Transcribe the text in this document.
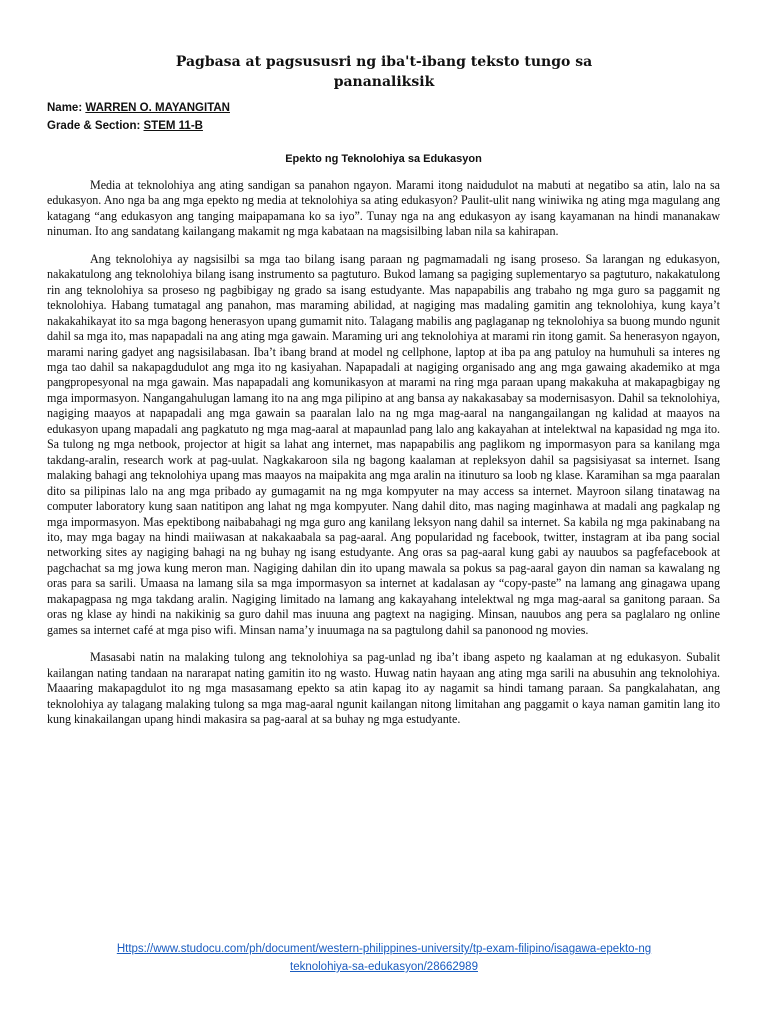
Pagbasa at pagsususri ng iba't-ibang teksto tungo sa
pananaliksik
Name: WARREN O. MAYANGITAN
Grade & Section: STEM 11-B
Epekto ng Teknolohiya sa Edukasyon

Media at teknolohiya ang ating sandigan sa panahon ngayon. Marami itong naidudulot na mabuti at negatibo sa atin, lalo na sa edukasyon. Ano nga ba ang mga epekto ng media at teknolohiya sa ating edukasyon? Paulit-ulit nang winiwika ng ating mga magulang ang katagang “ang edukasyon ang tanging maipapamana ko sa iyo”. Tunay nga na ang edukasyon ay isang kayamanan na hindi mananakaw ninuman. Ito ang sandatang kailangang makamit ng mga kabataan na magsisilbing laban nila sa kahirapan.

Ang teknolohiya ay nagsisilbi sa mga tao bilang isang paraan ng pagmamadali ng isang proseso. Sa larangan ng edukasyon, nakakatulong ang teknolohiya bilang isang instrumento sa pagtuturo. Bukod lamang sa pagiging suplementaryo sa pagtuturo, nakakatulong rin ang teknolohiya sa proseso ng pagbibigay ng grado sa isang estudyante. Mas napapabilis ang trabaho ng mga guro sa paggamit ng teknolohiya. Habang tumatagal ang panahon, mas maraming abilidad, at nagiging mas madaling gamitin ang teknolohiya, kung kaya’t nakakahikayat ito sa mga bagong henerasyon upang gumamit nito. Talagang mabilis ang paglaganap ng teknolohiya sa buong mundo ngunit dahil sa mga ito, mas napapadali na ang ating mga gawain. Maraming uri ang teknolohiya at marami rin itong gamit. Sa henerasyon ngayon, marami naring gadyet ang nagsisilabasan. Iba’t ibang brand at model ng cellphone, laptop at iba pa ang patuloy na humuhuli sa interes ng mga tao dahil sa nakapagdudulot ang mga ito ng kasiyahan. Napapadali at nagiging organisado ang ang mga gawaing akademiko at mga pangpropesyonal na mga gawain. Mas napapadali ang komunikasyon at marami na ring mga paraan upang makakuha at makapagbigay ng mga impormasyon. Nangangahulugan lamang ito na ang mga pilipino at ang bansa ay nakakasabay sa modernisasyon. Dahil sa teknolohiya, nagiging maayos at napapadali ang mga gawain sa paaralan lalo na ng mga mag-aaral na nangangailangan ng kalidad at maayos na edukasyon upang mapadali ang pagkatuto ng mga mag-aaral at mapaunlad pang lalo ang kakayahan at intelektwal na kapasidad ng mga ito. Sa tulong ng mga netbook, projector at higit sa lahat ang internet, mas napapabilis ang paglikom ng impormasyon para sa kanilang mga takdang-aralin, research work at pag-uulat. Nagkakaroon sila ng bagong kaalaman at repleksyon dahil sa pagsisiyasat sa internet. Isang malaking bahagi ang teknolohiya upang mas maayos na maipakita ang mga aralin na itinuturo sa loob ng klase. Karamihan sa mga paaralan dito sa pilipinas lalo na ang mga pribado ay gumagamit na ng mga kompyuter na may access sa internet. Mayroon silang tinatawag na computer laboratory kung saan natitipon ang lahat ng mga kompyuter. Nang dahil dito, mas naging maginhawa at madali ang pagkalap ng mga impormasyon. Mas epektibong naibabahagi ng mga guro ang kanilang leksyon nang dahil sa internet. Sa kabila ng mga pakinabang na ito, may mga bagay na hindi maiiwasan at nakakaabala sa pag-aaral. Ang popularidad ng facebook, twitter, instagram at iba pang social networking sites ay nagiging bahagi na ng buhay ng isang estudyante. Ang oras sa pag-aaral kung gabi ay nauubos sa pagfefacebook at pagchachat sa mg jowa kung meron man. Nagiging dahilan din ito upang mawala sa pokus sa pag-aaral gayon din naman sa kawalang ng oras para sa sarili. Umaasa na lamang sila sa mga impormasyon sa internet at kadalasan ay “copy-paste” na lamang ang ginagawa upang makapagpasa ng mga takdang aralin. Nagiging limitado na lamang ang kakayahang intelektwal ng mga mag-aaral sa ganitong paraan. Sa oras ng klase ay hindi na nakikinig sa guro dahil mas inuuna ang pagtext na nagiging. Minsan, nauubos ang pera sa paglalaro ng online games sa internet café at mga piso wifi. Minsan nama’y inuumaga na sa pagtulong dahil sa panonood ng movies.

Masasabi natin na malaking tulong ang teknolohiya sa pag-unlad ng iba’t ibang aspeto ng kaalaman at ng edukasyon. Subalit kailangan nating tandaan na nararapat nating gamitin ito ng wasto. Huwag natin hayaan ang ating mga sarili na abusuhin ang teknolohiya. Maaaring makapagdulot ito ng mga masasamang epekto sa atin kapag ito ay nagamit sa hindi tamang paraan. Sa pangkalahatan, ang teknolohiya ay talagang malaking tulong sa mga mag-aaral ngunit kailangan nitong limitahan ang paggamit o kaya naman gamitin lang ito kung kinakailangan upang hindi makasira sa pag-aaral at sa buhay ng mga estudyante.

Https://www.studocu.com/ph/document/western-philippines-university/tp-exam-filipino/isagawa-epekto-ng
teknolohiya-sa-edukasyon/28662989
